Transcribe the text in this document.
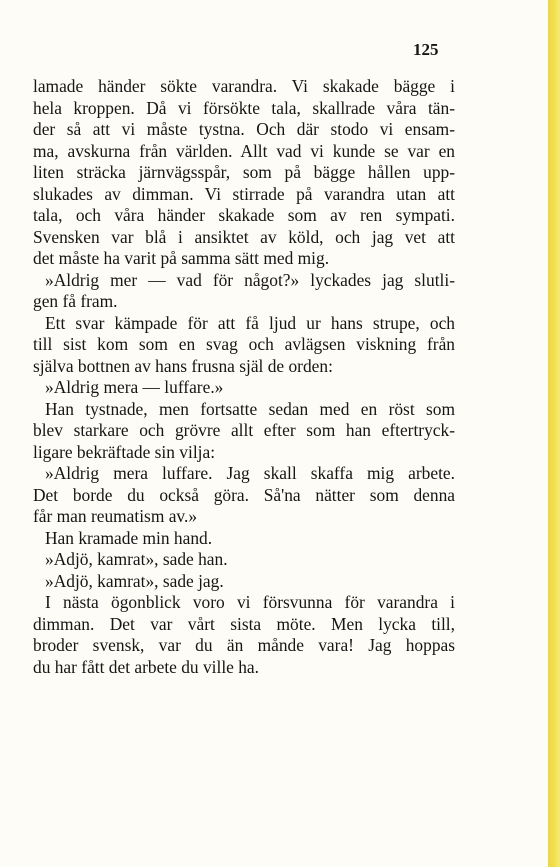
125
lamade händer sökte varandra. Vi skakade bägge i
hela kroppen. Då vi försökte tala, skallrade våra tän-
der så att vi måste tystna. Och där stodo vi ensam-
ma, avskurna från världen. Allt vad vi kunde se var en
liten sträcka järnvägsspår, som på bägge hållen upp-
slukades av dimman. Vi stirrade på varandra utan att
tala, och våra händer skakade som av ren sympati.
Svensken var blå i ansiktet av köld, och jag vet att
det måste ha varit på samma sätt med mig.
»Aldrig mer — vad för något?» lyckades jag slutli-
gen få fram.
Ett svar kämpade för att få ljud ur hans strupe, och
till sist kom som en svag och avlägsen viskning från
själva bottnen av hans frusna själ de orden:
»Aldrig mera — luffare.»
Han tystnade, men fortsatte sedan med en röst som
blev starkare och grövre allt efter som han eftertryck-
ligare bekräftade sin vilja:
»Aldrig mera luffare. Jag skall skaffa mig arbete.
Det borde du också göra. Så'na nätter som denna
får man reumatism av.»
Han kramade min hand.
»Adjö, kamrat», sade han.
»Adjö, kamrat», sade jag.
I nästa ögonblick voro vi försvunna för varandra i
dimman. Det var vårt sista möte. Men lycka till,
broder svensk, var du än månde vara! Jag hoppas
du har fått det arbete du ville ha.
